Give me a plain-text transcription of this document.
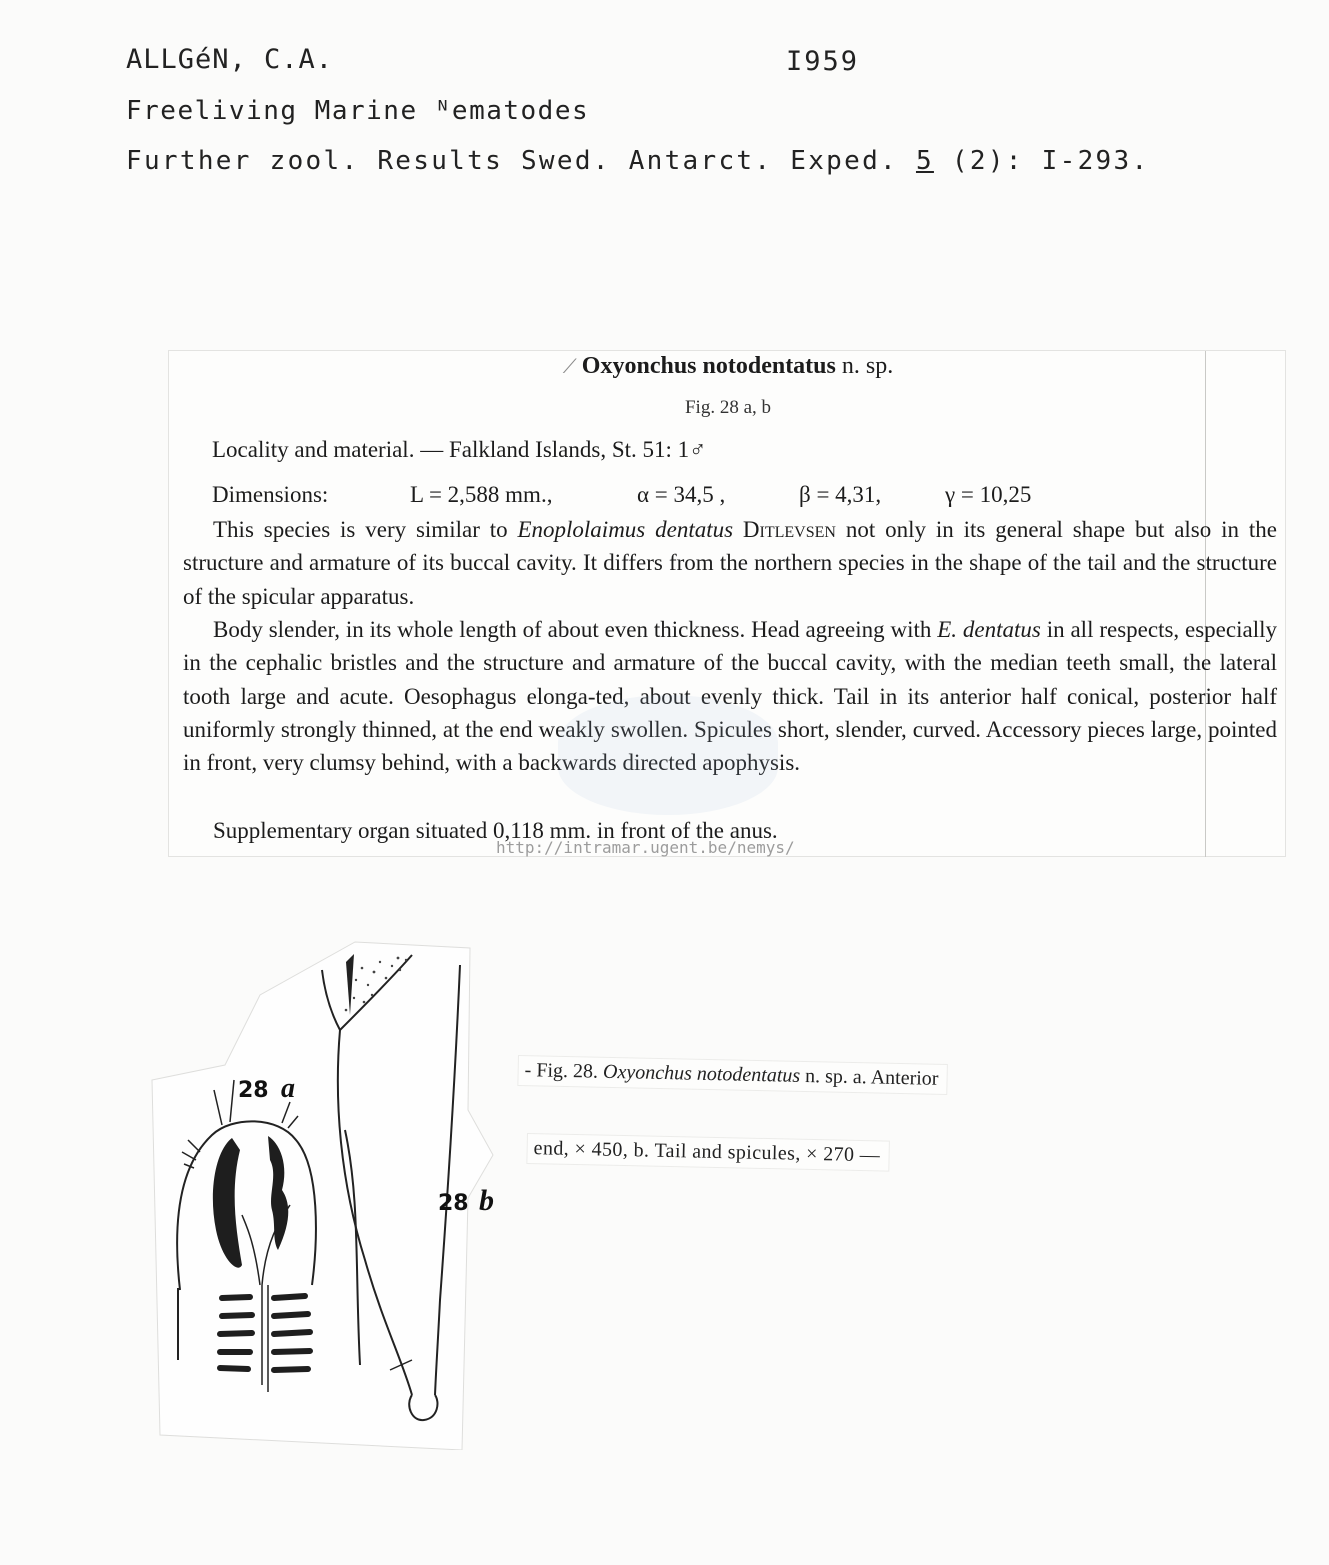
ALLGéN, C.A.	I959
Freeliving Marine ᴺematodes
Further zool. Results Swed. Antarct. Exped. 5 (2): I-293.
⟋ Oxyonchus notodentatus n. sp.
Fig. 28 a, b
Locality and material. — Falkland Islands, St. 51: 1♂
Dimensions:	L = 2,588 mm.,	α = 34,5 ,	β = 4,31,	γ = 10,25
This species is very similar to Enoplolaimus dentatus Ditlevsen not only in its general shape but also in the structure and armature of its buccal cavity. It differs from the northern species in the shape of the tail and the structure of the spicular apparatus.
Body slender, in its whole length of about even thickness. Head agreeing with E. dentatus in all respects, especially in the cephalic bristles and the structure and armature of the buccal cavity, with the median teeth small, the lateral tooth large and acute. Oesophagus elonga-ted, about evenly thick. Tail in its anterior half conical, posterior half uniformly strongly thinned, at the end weakly swollen. Spicules short, slender, curved. Accessory pieces large, pointed in front, very clumsy behind, with a backwards directed apophysis.
Supplementary organ situated 0,118 mm. in front of the anus.
http://intramar.ugent.be/nemys/
28 a
28 b
- Fig. 28. Oxyonchus notodentatus n. sp. a. Anterior
end, × 450, b. Tail and spicules, × 270 —
